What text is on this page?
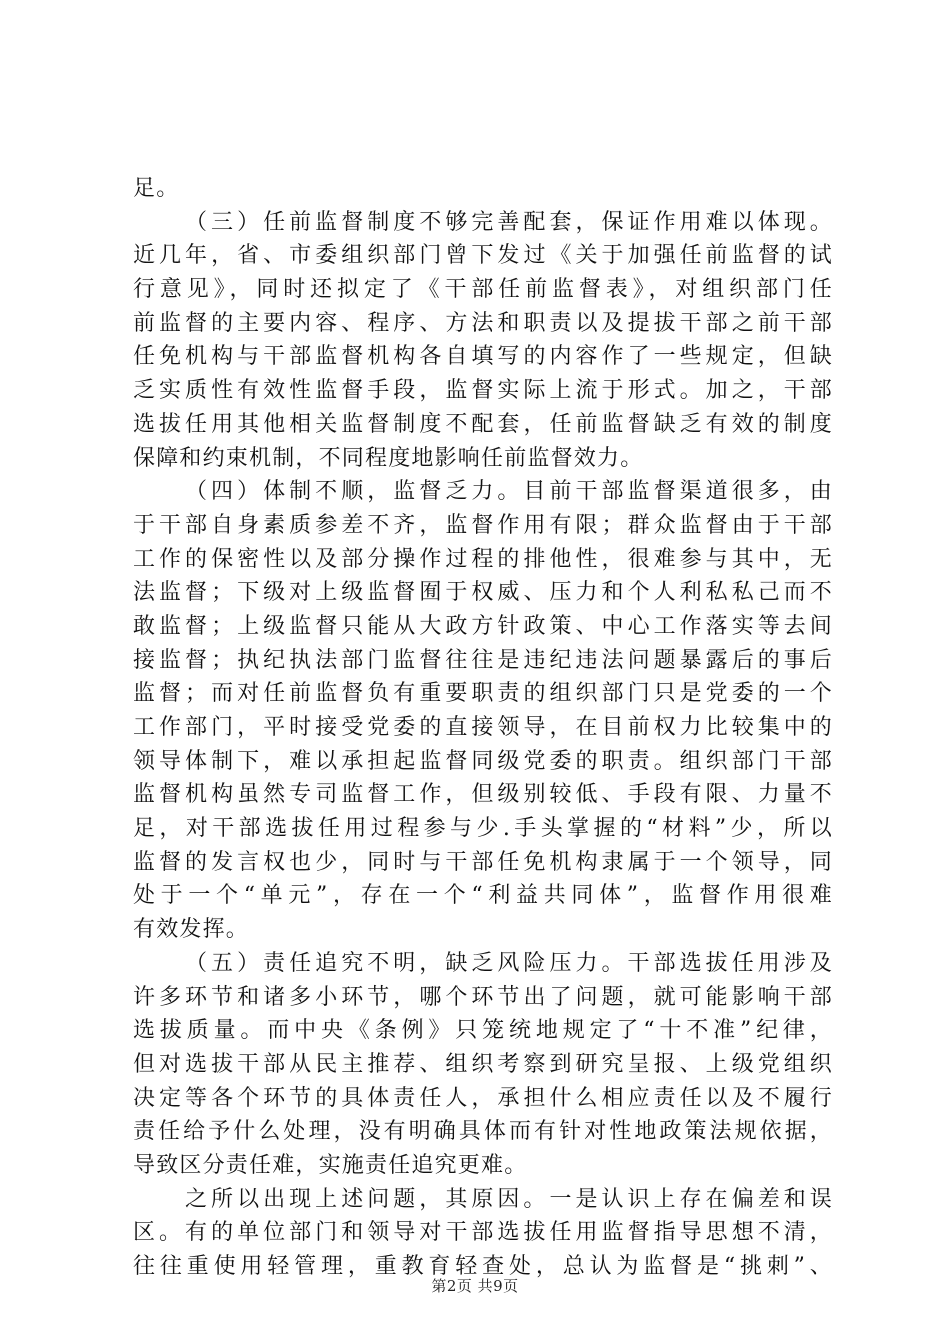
足。
（三）任前监督制度不够完善配套，保证作用难以体现。
近几年，省、市委组织部门曾下发过《关于加强任前监督的试
行意见》，同时还拟定了《干部任前监督表》，对组织部门任
前监督的主要内容、程序、方法和职责以及提拔干部之前干部
任免机构与干部监督机构各自填写的内容作了一些规定，但缺
乏实质性有效性监督手段，监督实际上流于形式。加之，干部
选拔任用其他相关监督制度不配套，任前监督缺乏有效的制度
保障和约束机制，不同程度地影响任前监督效力。
（四）体制不顺，监督乏力。目前干部监督渠道很多，由
于干部自身素质参差不齐，监督作用有限；群众监督由于干部
工作的保密性以及部分操作过程的排他性，很难参与其中，无
法监督；下级对上级监督囿于权威、压力和个人利私私己而不
敢监督；上级监督只能从大政方针政策、中心工作落实等去间
接监督；执纪执法部门监督往往是违纪违法问题暴露后的事后
监督；而对任前监督负有重要职责的组织部门只是党委的一个
工作部门，平时接受党委的直接领导，在目前权力比较集中的
领导体制下，难以承担起监督同级党委的职责。组织部门干部
监督机构虽然专司监督工作，但级别较低、手段有限、力量不
足，对干部选拔任用过程参与少.手头掌握的“材料”少，所以
监督的发言权也少，同时与干部任免机构隶属于一个领导，同
处于一个“单元”，存在一个“利益共同体”，监督作用很难
有效发挥。
（五）责任追究不明，缺乏风险压力。干部选拔任用涉及
许多环节和诸多小环节，哪个环节出了问题，就可能影响干部
选拔质量。而中央《条例》只笼统地规定了“十不准”纪律，
但对选拔干部从民主推荐、组织考察到研究呈报、上级党组织
决定等各个环节的具体责任人，承担什么相应责任以及不履行
责任给予什么处理，没有明确具体而有针对性地政策法规依据，
导致区分责任难，实施责任追究更难。
之所以出现上述问题，其原因。一是认识上存在偏差和误
区。有的单位部门和领导对干部选拔任用监督指导思想不清，
往往重使用轻管理，重教育轻查处，总认为监督是“挑刺”、
第2页 共9页
